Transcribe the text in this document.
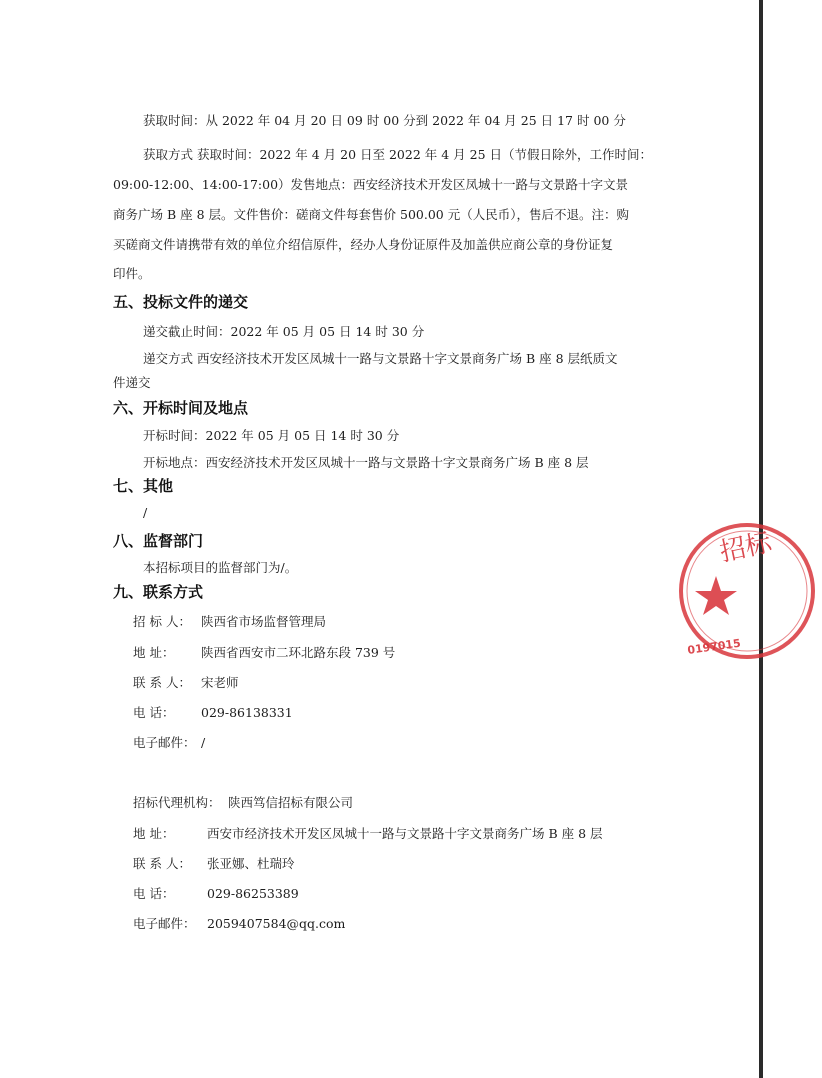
获取时间：从 2022 年 04 月 20 日 09 时 00 分到 2022 年 04 月 25 日 17 时 00 分
获取方式 获取时间：2022 年 4 月 20 日至 2022 年 4 月 25 日（节假日除外，工作时间：
09:00-12:00、14:00-17:00）发售地点：西安经济技术开发区凤城十一路与文景路十字文景
商务广场 B 座 8 层。文件售价：磋商文件每套售价 500.00 元（人民币），售后不退。注：购
买磋商文件请携带有效的单位介绍信原件，经办人身份证原件及加盖供应商公章的身份证复
印件。
五、投标文件的递交
递交截止时间：2022 年 05 月 05 日 14 时 30 分
递交方式 西安经济技术开发区凤城十一路与文景路十字文景商务广场 B 座 8 层纸质文
件递交
六、开标时间及地点
开标时间：2022 年 05 月 05 日 14 时 30 分
开标地点：西安经济技术开发区凤城十一路与文景路十字文景商务广场 B 座 8 层
七、其他
/
八、监督部门
本招标项目的监督部门为/。
九、联系方式
招 标 人： 陕西省市场监督管理局
地 址： 陕西省西安市二环北路东段 739 号
联 系 人： 宋老师
电 话： 029-86138331
电子邮件： /
招标代理机构： 陕西笃信招标有限公司
地 址：	西安市经济技术开发区凤城十一路与文景路十字文景商务广场 B 座 8 层
联 系 人： 张亚娜、杜瑞玲
电 话：	029-86253389
电子邮件： 2059407584@qq.com
招标
0197015
